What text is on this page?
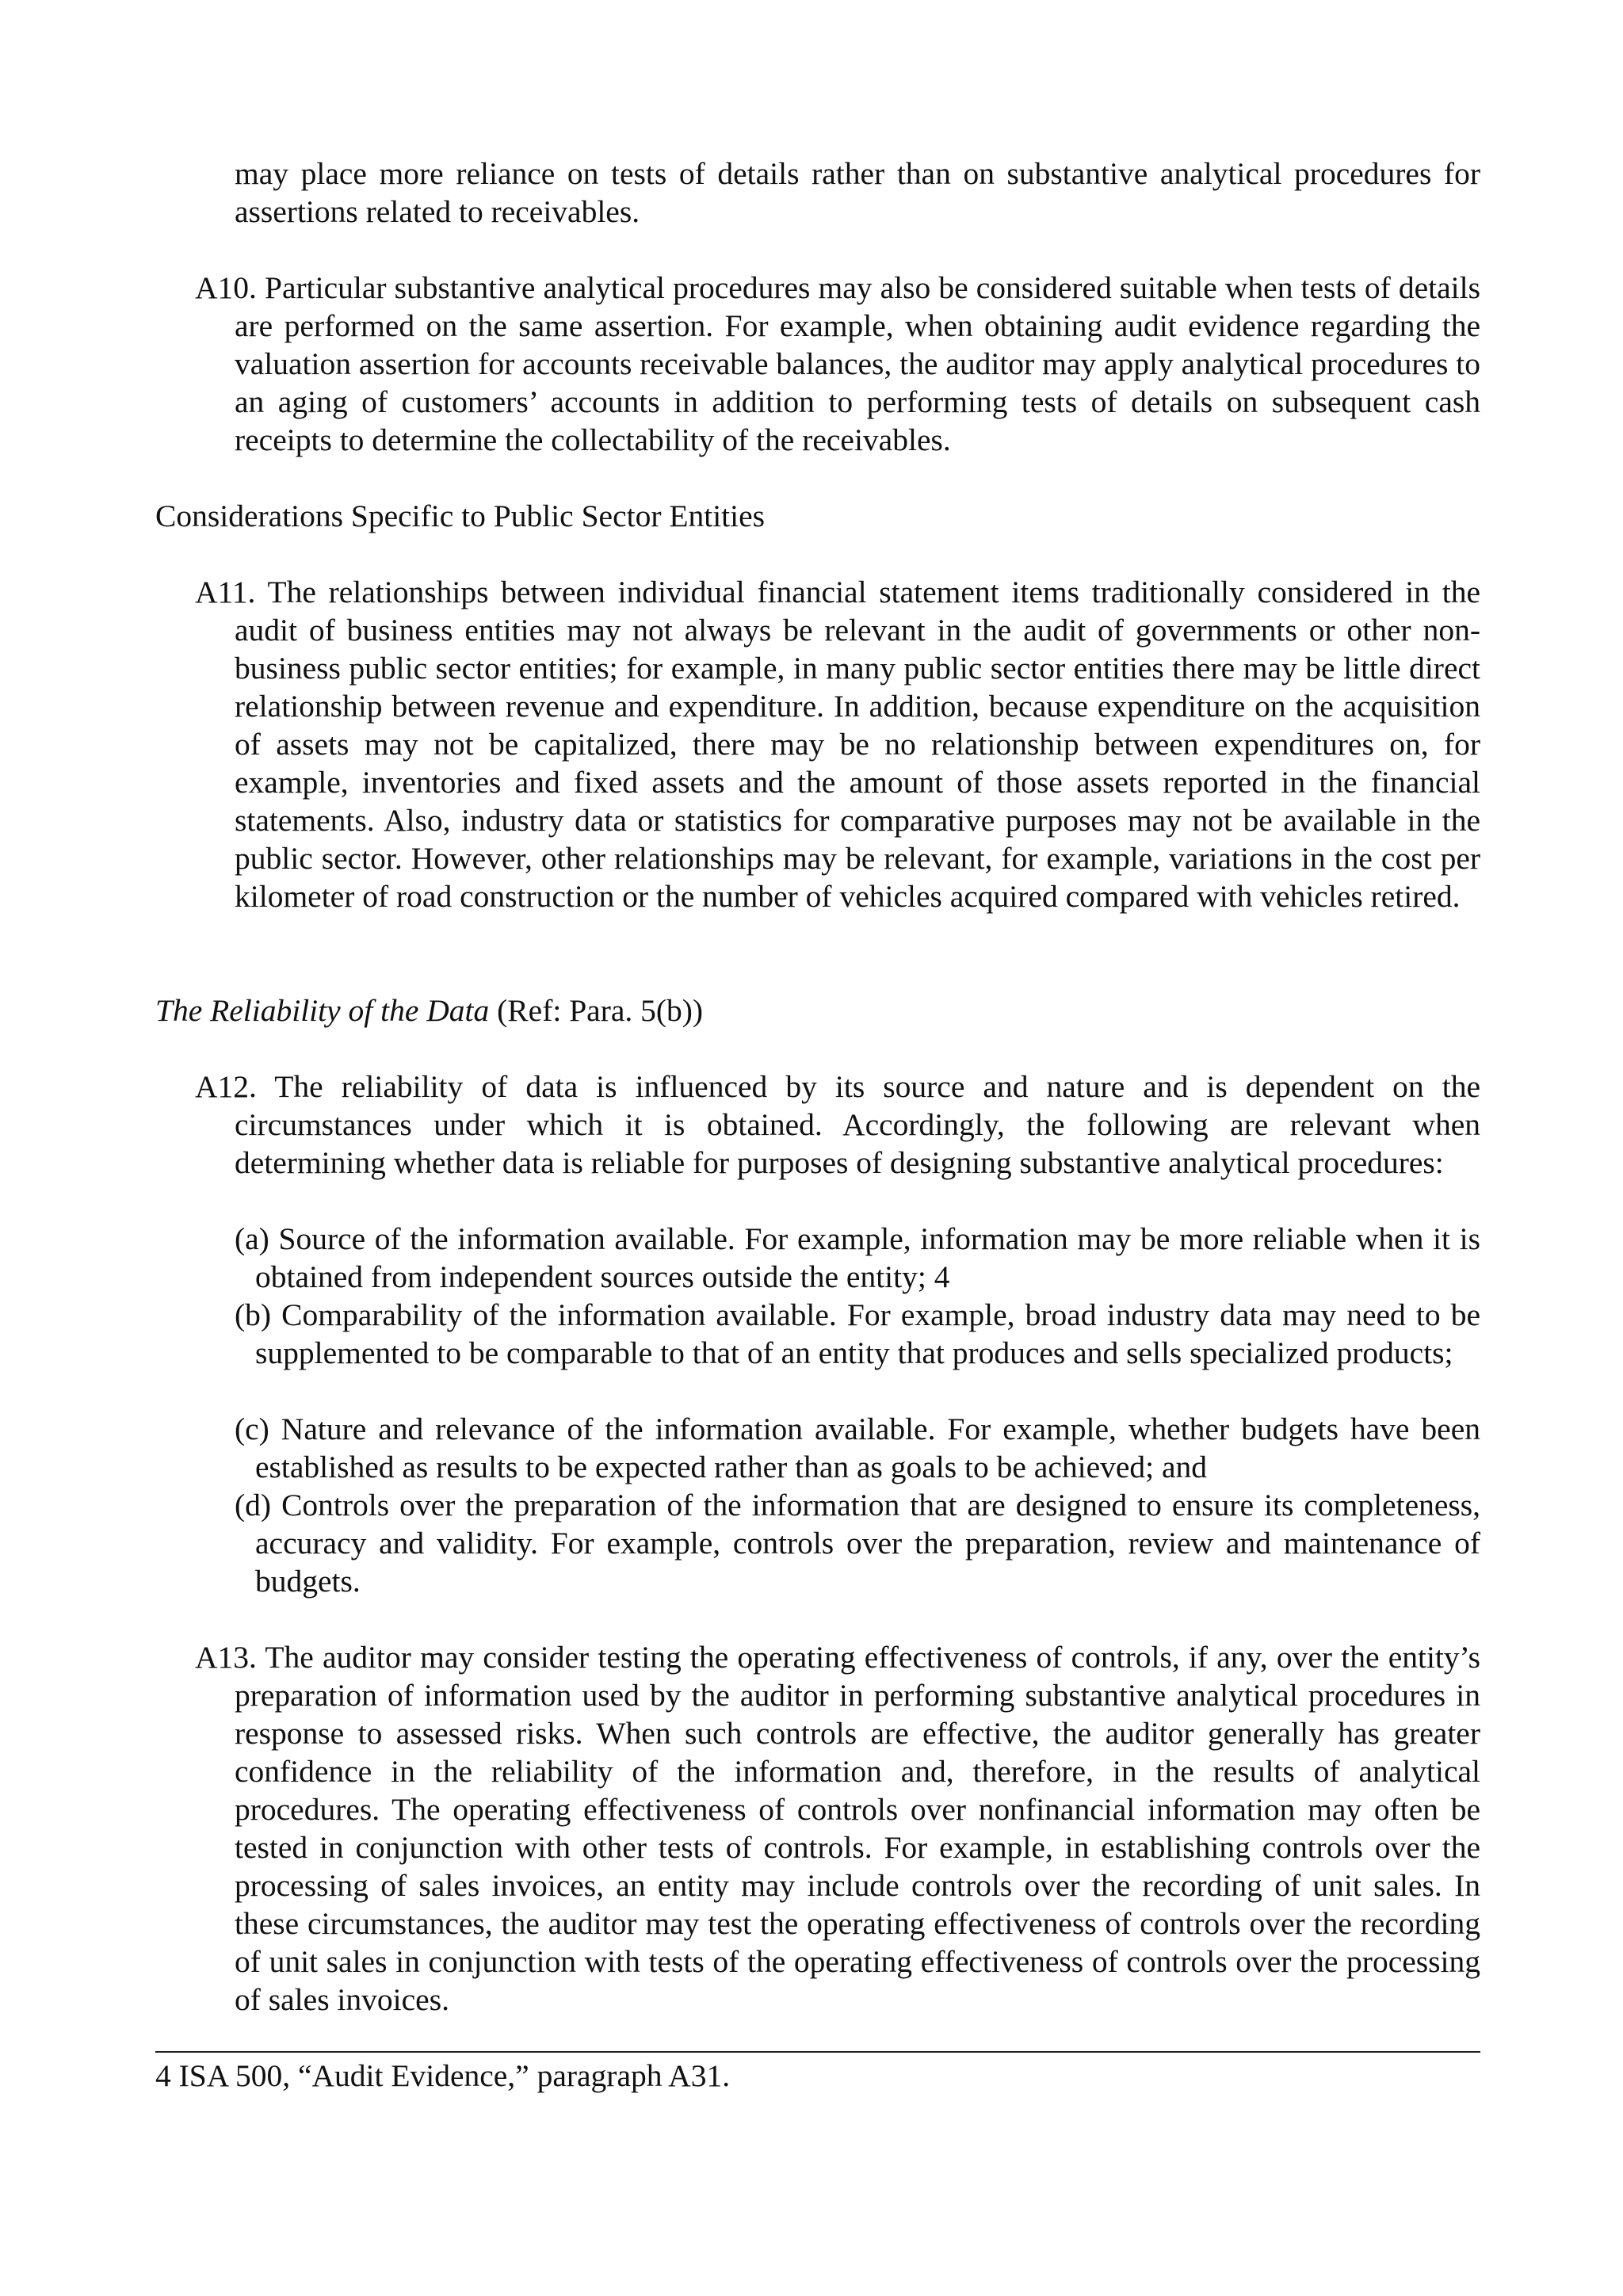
may place more reliance on tests of details rather than on substantive analytical procedures for assertions related to receivables.
A10. Particular substantive analytical procedures may also be considered suitable when tests of details are performed on the same assertion. For example, when obtaining audit evidence regarding the valuation assertion for accounts receivable balances, the auditor may apply analytical procedures to an aging of customers’ accounts in addition to performing tests of details on subsequent cash receipts to determine the collectability of the receivables.
Considerations Specific to Public Sector Entities
A11. The relationships between individual financial statement items traditionally considered in the audit of business entities may not always be relevant in the audit of governments or other non-business public sector entities; for example, in many public sector entities there may be little direct relationship between revenue and expenditure. In addition, because expenditure on the acquisition of assets may not be capitalized, there may be no relationship between expenditures on, for example, inventories and fixed assets and the amount of those assets reported in the financial statements. Also, industry data or statistics for comparative purposes may not be available in the public sector. However, other relationships may be relevant, for example, variations in the cost per kilometer of road construction or the number of vehicles acquired compared with vehicles retired.
The Reliability of the Data (Ref: Para. 5(b))
A12. The reliability of data is influenced by its source and nature and is dependent on the circumstances under which it is obtained. Accordingly, the following are relevant when determining whether data is reliable for purposes of designing substantive analytical procedures:
(a) Source of the information available. For example, information may be more reliable when it is obtained from independent sources outside the entity; 4
(b) Comparability of the information available. For example, broad industry data may need to be supplemented to be comparable to that of an entity that produces and sells specialized products;
(c) Nature and relevance of the information available. For example, whether budgets have been established as results to be expected rather than as goals to be achieved; and
(d) Controls over the preparation of the information that are designed to ensure its completeness, accuracy and validity. For example, controls over the preparation, review and maintenance of budgets.
A13. The auditor may consider testing the operating effectiveness of controls, if any, over the entity’s preparation of information used by the auditor in performing substantive analytical procedures in response to assessed risks. When such controls are effective, the auditor generally has greater confidence in the reliability of the information and, therefore, in the results of analytical procedures. The operating effectiveness of controls over nonfinancial information may often be tested in conjunction with other tests of controls. For example, in establishing controls over the processing of sales invoices, an entity may include controls over the recording of unit sales. In these circumstances, the auditor may test the operating effectiveness of controls over the recording of unit sales in conjunction with tests of the operating effectiveness of controls over the processing of sales invoices.
4 ISA 500, “Audit Evidence,” paragraph A31.
